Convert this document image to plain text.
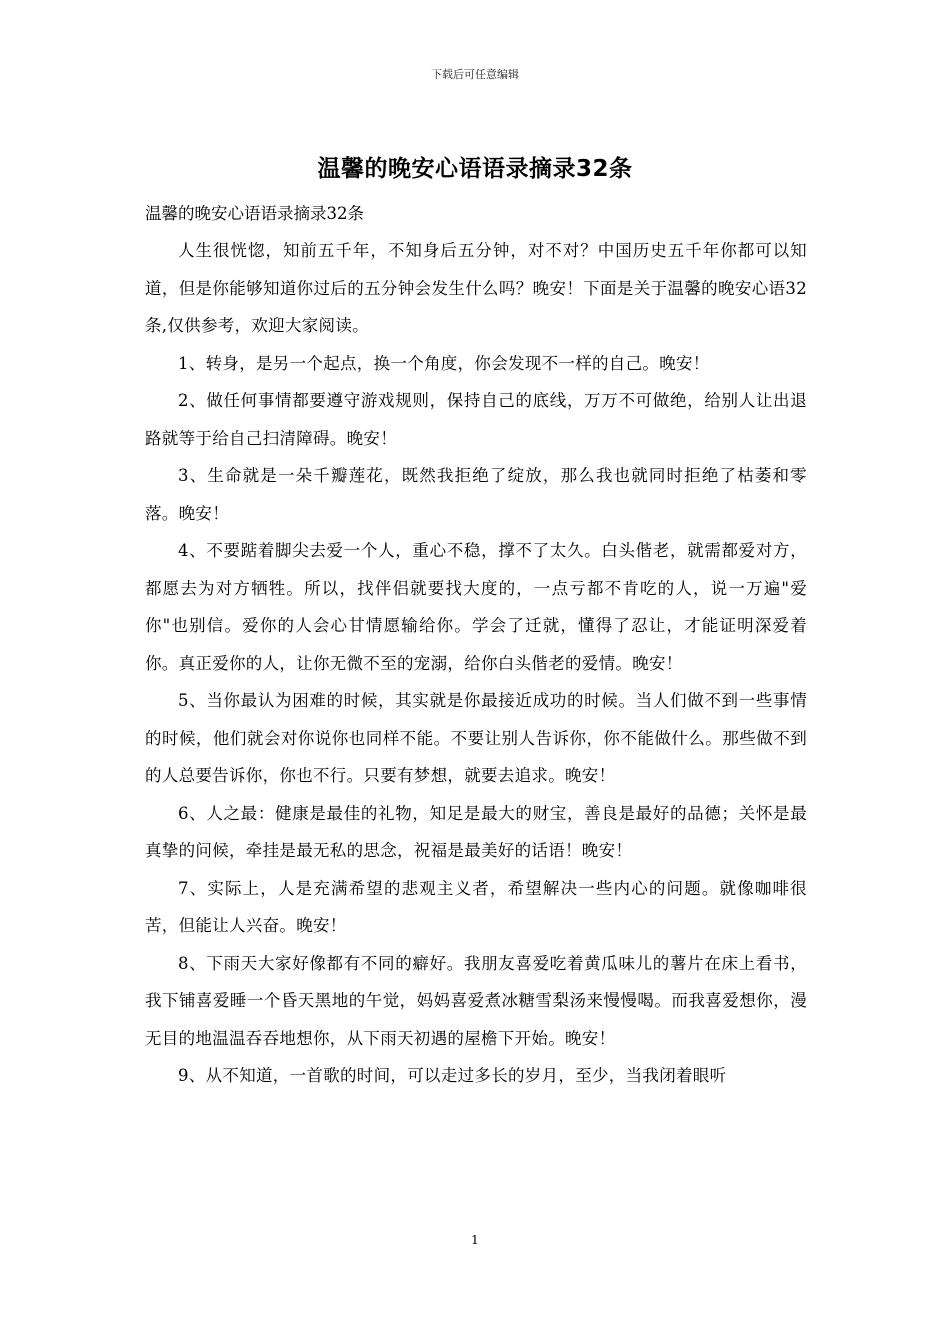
下载后可任意编辑
温馨的晚安心语语录摘录32条
温馨的晚安心语语录摘录32条

人生很恍惚，知前五千年，不知身后五分钟，对不对？中国历史五千年你都可以知道，但是你能够知道你过后的五分钟会发生什么吗？晚安！下面是关于温馨的晚安心语32条,仅供参考，欢迎大家阅读。

1、转身，是另一个起点，换一个角度，你会发现不一样的自己。晚安！

2、做任何事情都要遵守游戏规则，保持自己的底线，万万不可做绝，给别人让出退路就等于给自己扫清障碍。晚安！

3、生命就是一朵千瓣莲花，既然我拒绝了绽放，那么我也就同时拒绝了枯萎和零落。晚安！

4、不要踮着脚尖去爱一个人，重心不稳，撑不了太久。白头偕老，就需都爱对方，都愿去为对方牺牲。所以，找伴侣就要找大度的，一点亏都不肯吃的人，说一万遍"爱你"也别信。爱你的人会心甘情愿输给你。学会了迁就，懂得了忍让，才能证明深爱着你。真正爱你的人，让你无微不至的宠溺，给你白头偕老的爱情。晚安！

5、当你最认为困难的时候，其实就是你最接近成功的时候。当人们做不到一些事情的时候，他们就会对你说你也同样不能。不要让别人告诉你，你不能做什么。那些做不到的人总要告诉你，你也不行。只要有梦想，就要去追求。晚安！

6、人之最：健康是最佳的礼物，知足是最大的财宝，善良是最好的品德；关怀是最真挚的问候，牵挂是最无私的思念，祝福是最美好的话语！晚安！

7、实际上，人是充满希望的悲观主义者，希望解决一些内心的问题。就像咖啡很苦，但能让人兴奋。晚安！

8、下雨天大家好像都有不同的癖好。我朋友喜爱吃着黄瓜味儿的薯片在床上看书，我下铺喜爱睡一个昏天黑地的午觉，妈妈喜爱煮冰糖雪梨汤来慢慢喝。而我喜爱想你，漫无目的地温温吞吞地想你，从下雨天初遇的屋檐下开始。晚安！

9、从不知道，一首歌的时间，可以走过多长的岁月，至少，当我闭着眼听

1
